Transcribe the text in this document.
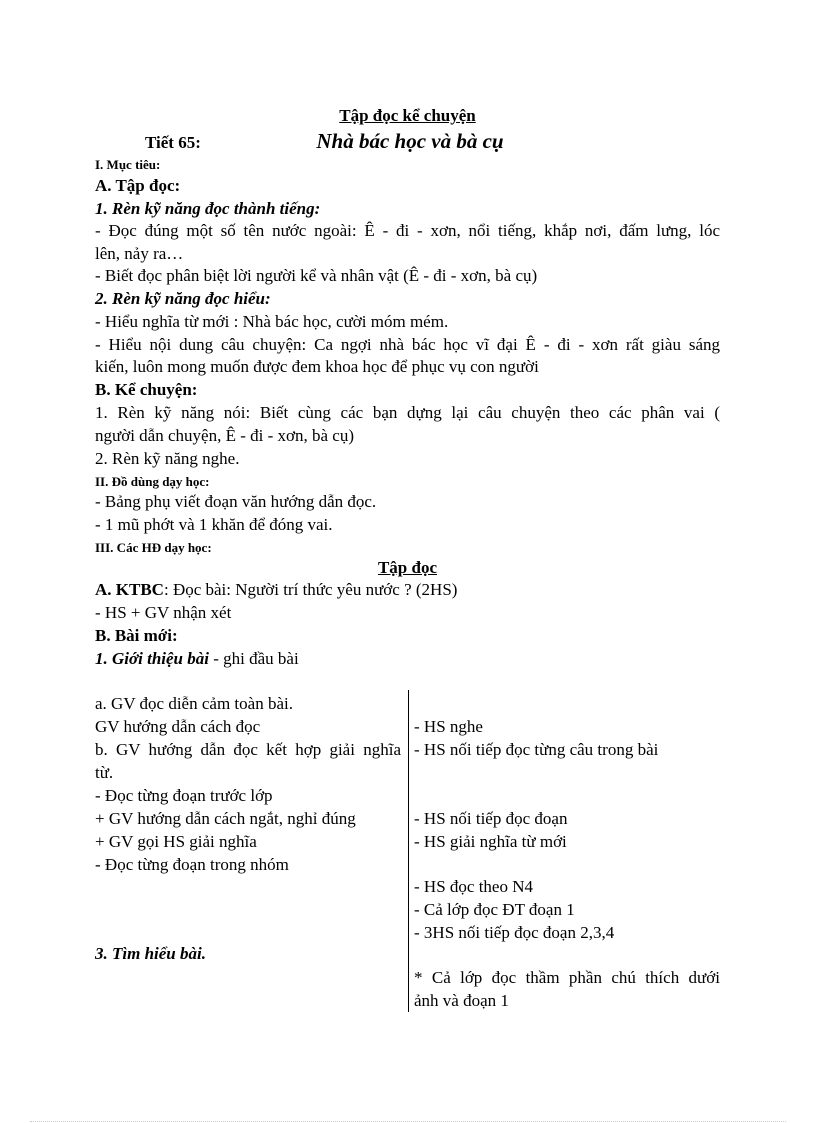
Tập đọc kể chuyện
Tiết 65:	Nhà bác học và bà cụ
I. Mục tiêu:
A. Tập đọc:
1. Rèn kỹ năng đọc thành tiếng:
- Đọc đúng một số tên nước ngoài: Ê - đi - xơn, nổi tiếng, khắp nơi, đấm lưng, lóc
lên, nảy ra…
- Biết đọc phân biệt lời người kể và nhân vật (Ê - đi - xơn, bà cụ)
2. Rèn kỹ năng đọc hiểu:
- Hiểu nghĩa từ mới : Nhà bác học, cười móm mém.
- Hiểu nội dung câu chuyện: Ca ngợi nhà bác học vĩ đại Ê - đi - xơn rất giàu sáng
kiến, luôn mong muốn được đem khoa học để phục vụ con người
B. Kể chuyện:
1. Rèn kỹ năng nói: Biết cùng các bạn dựng lại câu chuyện theo các phân vai (
người dẫn chuyện, Ê - đi - xơn, bà cụ)
2. Rèn kỹ năng nghe.
II. Đồ dùng dạy học:
- Bảng phụ viết đoạn văn hướng dẫn đọc.
- 1 mũ phớt và 1 khăn để đóng vai.
III. Các HĐ dạy học:
Tập đọc
A. KTBC: Đọc bài: Người trí thức yêu nước ? (2HS)
- HS + GV nhận xét
B. Bài mới:
1. Giới thiệu bài - ghi đầu bài
a. GV đọc diễn cảm toàn bài.
GV hướng dẫn cách đọc
b. GV hướng dẫn đọc kết hợp giải nghĩa
từ.
- Đọc từng đoạn trước lớp
+ GV hướng dẫn cách ngắt, nghỉ đúng
+ GV gọi HS giải nghĩa
- Đọc từng đoạn trong nhóm
3. Tìm hiểu bài.
- HS nghe
- HS nối tiếp đọc từng câu trong bài
- HS nối tiếp đọc đoạn
- HS giải nghĩa từ mới
- HS đọc theo N4
- Cả lớp đọc ĐT đoạn 1
- 3HS nối tiếp đọc đoạn 2,3,4
* Cả lớp đọc thầm phần chú thích dưới
ảnh và đoạn 1
